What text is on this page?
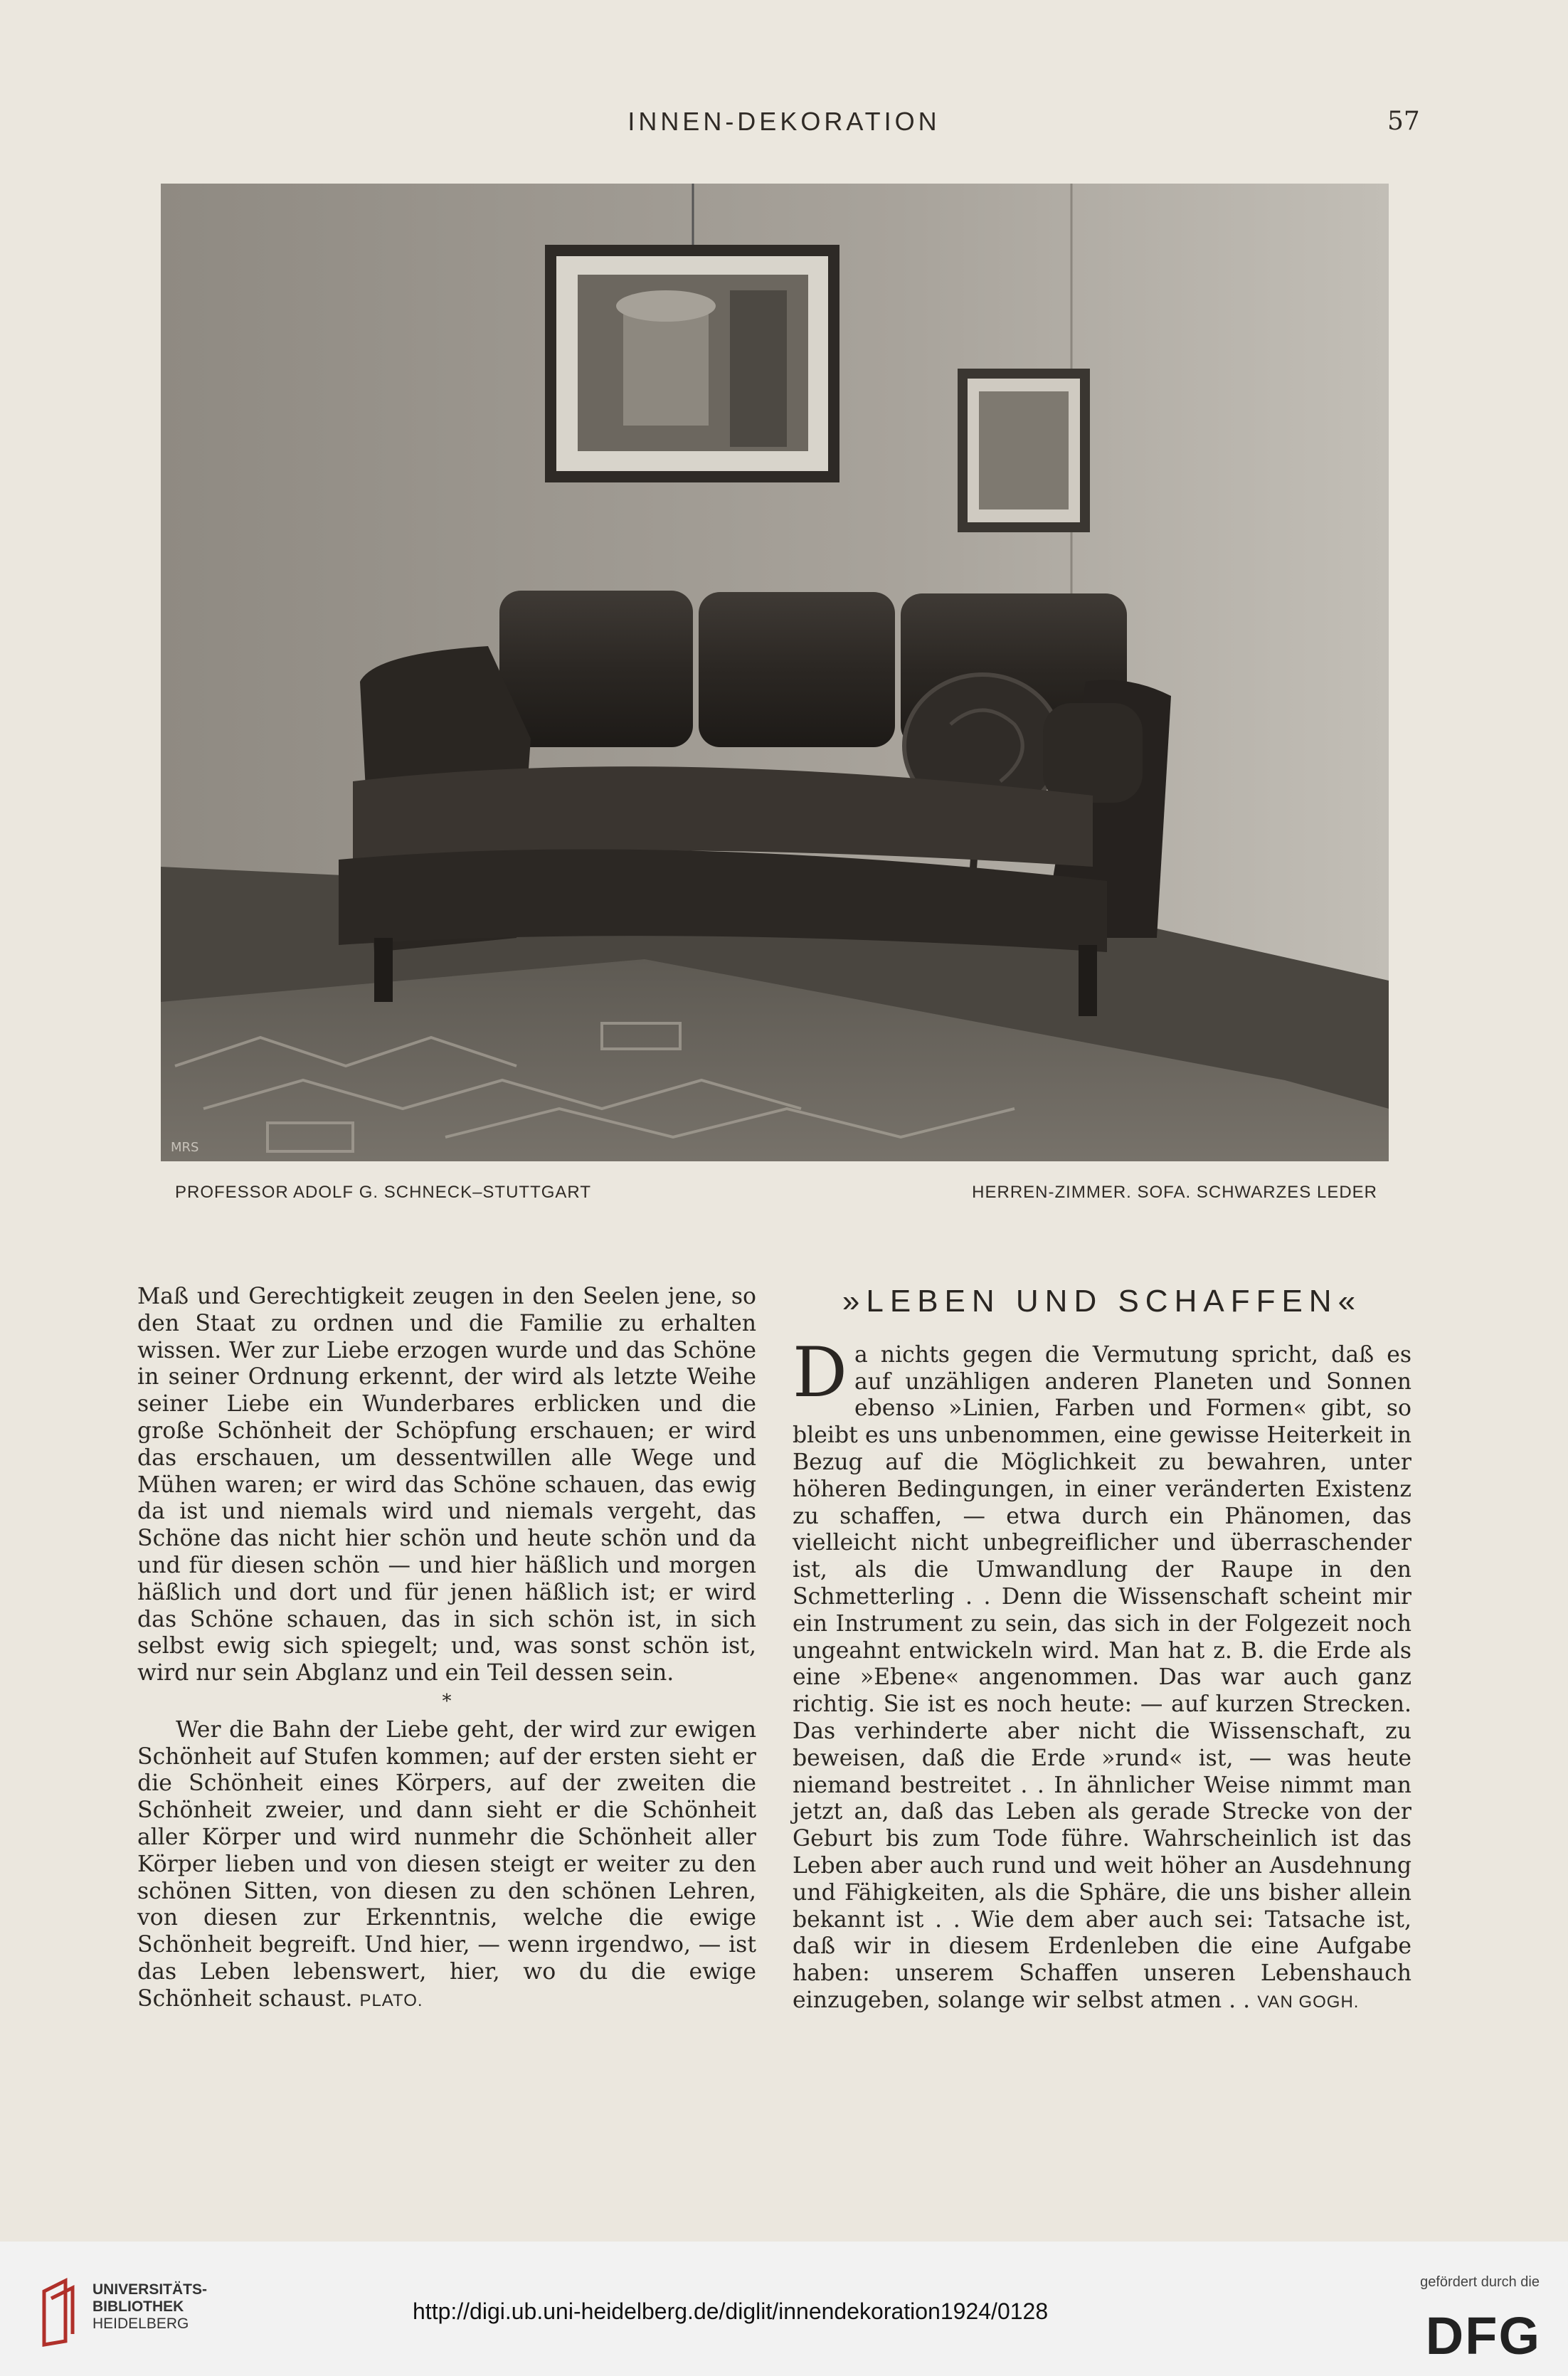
INNEN-DEKORATION	57
MRS
PROFESSOR ADOLF G. SCHNECK–STUTTGART	HERREN-ZIMMER. SOFA. SCHWARZES LEDER

Maß und Gerechtigkeit zeugen in den Seelen jene, so den Staat zu ordnen und die Familie zu erhalten wissen. Wer zur Liebe erzogen wurde und das Schöne in seiner Ordnung erkennt, der wird als letzte Weihe seiner Liebe ein Wunderbares erblicken und die große Schönheit der Schöpfung erschauen; er wird das erschauen, um dessentwillen alle Wege und Mühen waren; er wird das Schöne schauen, das ewig da ist und niemals wird und niemals vergeht, das Schöne das nicht hier schön und heute schön und da und für diesen schön — und hier häßlich und morgen häßlich und dort und für jenen häßlich ist; er wird das Schöne schauen, das in sich schön ist, in sich selbst ewig sich spiegelt; und, was sonst schön ist, wird nur sein Abglanz und ein Teil dessen sein.

*

Wer die Bahn der Liebe geht, der wird zur ewigen Schönheit auf Stufen kommen; auf der ersten sieht er die Schönheit eines Körpers, auf der zweiten die Schönheit zweier, und dann sieht er die Schönheit aller Körper und wird nunmehr die Schönheit aller Körper lieben und von diesen steigt er weiter zu den schönen Sitten, von diesen zu den schönen Lehren, von diesen zur Erkenntnis, welche die ewige Schönheit begreift. Und hier, — wenn irgendwo, — ist das Leben lebenswert, hier, wo du die ewige Schönheit schaust. PLATO.

»LEBEN UND SCHAFFEN«

Da nichts gegen die Vermutung spricht, daß es auf unzähligen anderen Planeten und Sonnen ebenso »Linien, Farben und Formen« gibt, so bleibt es uns unbenommen, eine gewisse Heiterkeit in Bezug auf die Möglichkeit zu bewahren, unter höheren Bedingungen, in einer veränderten Existenz zu schaffen, — etwa durch ein Phänomen, das vielleicht nicht unbegreiflicher und überraschender ist, als die Umwandlung der Raupe in den Schmetterling . . Denn die Wissenschaft scheint mir ein Instrument zu sein, das sich in der Folgezeit noch ungeahnt entwickeln wird. Man hat z. B. die Erde als eine »Ebene« angenommen. Das war auch ganz richtig. Sie ist es noch heute: — auf kurzen Strecken. Das verhinderte aber nicht die Wissenschaft, zu beweisen, daß die Erde »rund« ist, — was heute niemand bestreitet . . In ähnlicher Weise nimmt man jetzt an, daß das Leben als gerade Strecke von der Geburt bis zum Tode führe. Wahrscheinlich ist das Leben aber auch rund und weit höher an Ausdehnung und Fähigkeiten, als die Sphäre, die uns bisher allein bekannt ist . . Wie dem aber auch sei: Tatsache ist, daß wir in diesem Erdenleben die eine Aufgabe haben: unserem Schaffen unseren Lebenshauch einzugeben, solange wir selbst atmen . . VAN GOGH.

UNIVERSITÄTS-
BIBLIOTHEK
HEIDELBERG	http://digi.ub.uni-heidelberg.de/diglit/innendekoration1924/0128
gefördert durch die
DFG
